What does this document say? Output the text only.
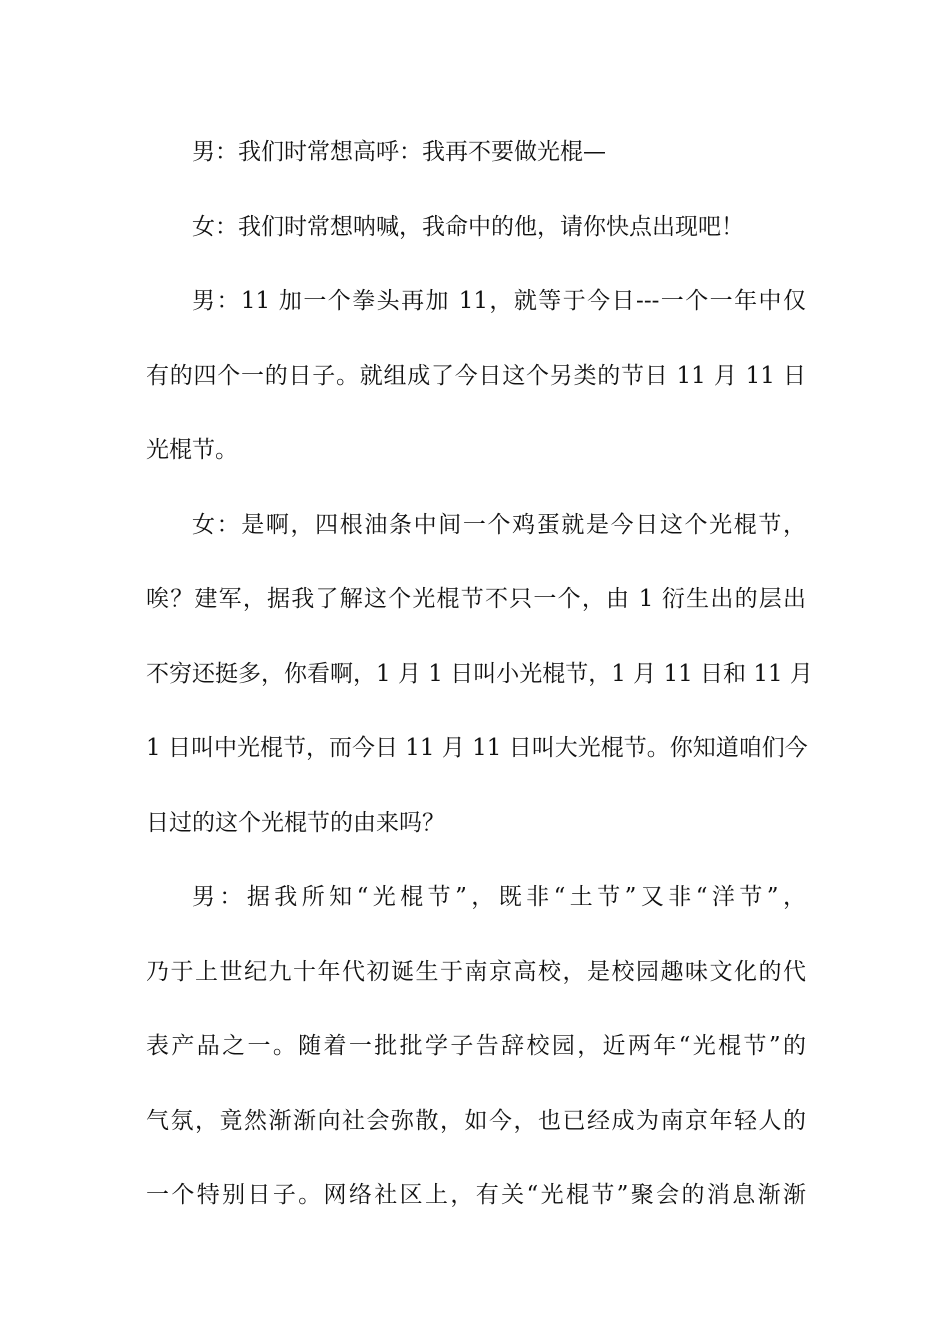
男：我们时常想高呼：我再不要做光棍—
女：我们时常想呐喊，我命中的他，请你快点出现吧！
男：11 加一个拳头再加 11，就等于今日---一个一年中仅
有的四个一的日子。就组成了今日这个另类的节日 11 月 11 日
光棍节。
女：是啊，四根油条中间一个鸡蛋就是今日这个光棍节，
唉？建军，据我了解这个光棍节不只一个，由 1 衍生出的层出
不穷还挺多，你看啊，1 月 1 日叫小光棍节，1 月 11 日和 11 月
1 日叫中光棍节，而今日 11 月 11 日叫大光棍节。你知道咱们今
日过的这个光棍节的由来吗？
男：据我所知“光棍节”，既非“土节”又非“洋节”，
乃于上世纪九十年代初诞生于南京高校，是校园趣味文化的代
表产品之一。随着一批批学子告辞校园，近两年“光棍节”的
气氛，竟然渐渐向社会弥散，如今，也已经成为南京年轻人的
一个特别日子。网络社区上，有关“光棍节”聚会的消息渐渐
